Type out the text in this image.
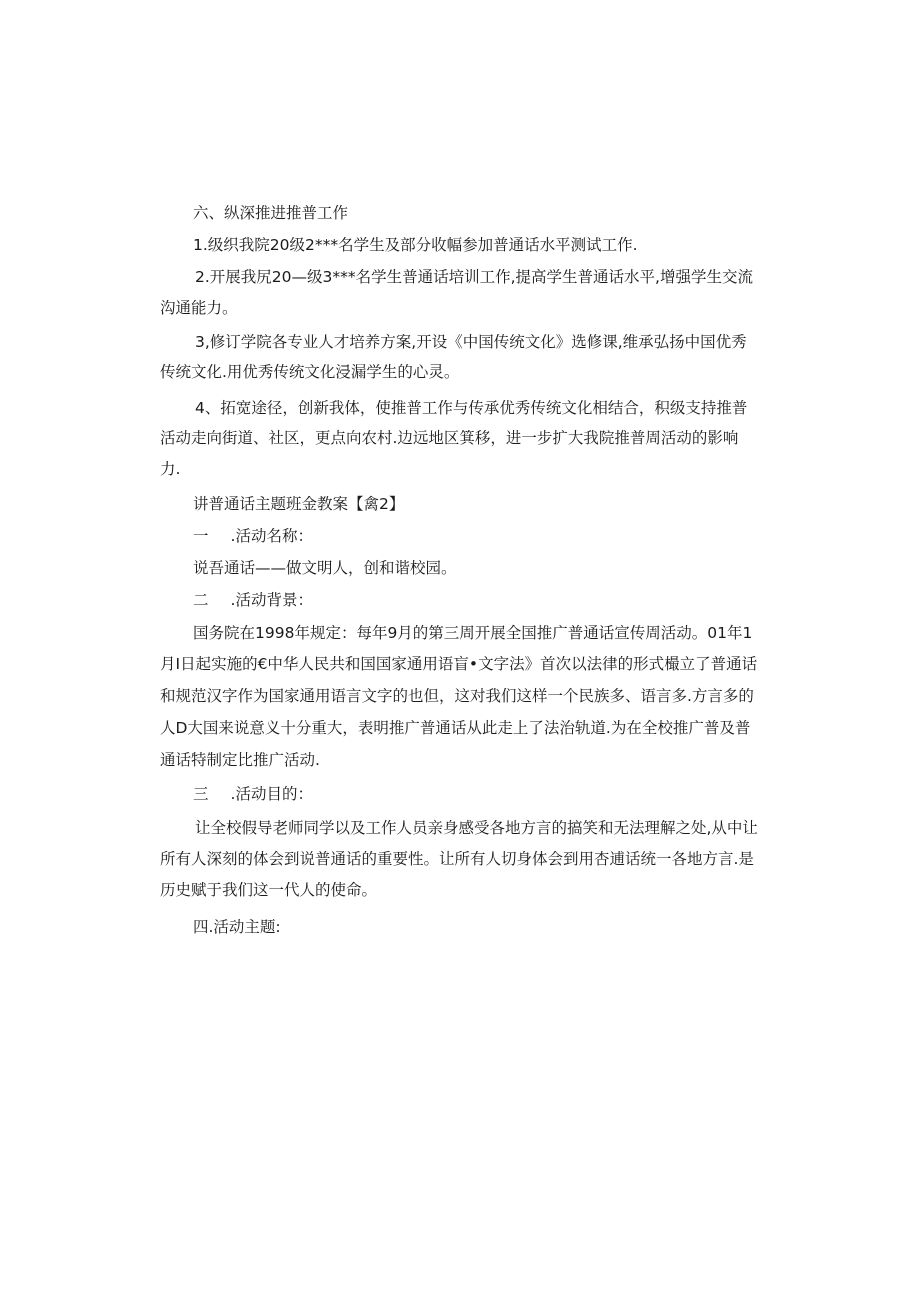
六、纵深推进推普工作
1.级织我院20级2***名学生及部分收幅参加普通话水平测试工作.
2.开展我尻20—级3***名学生普通话培训工作,提高学生普通话水平,增强学生交流
沟通能力。
3,修订学院各专业人才培养方案,开设《中国传统文化》选修课,维承弘扬中国优秀
传统文化.用优秀传统文化浸漏学生的心灵。
4、拓宽途径，创新我体，使推普工作与传承优秀传统文化相结合，积级支持推普
活动走向街道、社区，更点向农村.边远地区箕移，进一步扩大我院推普周活动的影响
力.
讲普通话主题班金教案【禽2】
一 .活动名称：
说吾通话——做文明人，创和谐校园。
二 .活动背景：
国务院在1998年规定：每年9月的第三周开展全国推广普通话宣传周活动。01年1
月I日起实施的€中华人民共和国国家通用语盲•文字法》首次以法律的形式樶立了普通话
和规范汉字作为国家通用语言文字的也但，这对我们这样一个民族多、语言多.方言多的
人D大国来说意义十分重大，表明推广普通话从此走上了法治轨道.为在全校推广普及普
通话特制定比推广活动.
三 .活动目的：
让全校假导老师同学以及工作人员亲身感受各地方言的搞笑和无法理解之处,从中让
所有人深刻的体会到说普通话的重要性。让所有人切身体会到用杏逋话统一各地方言.是
历史赋于我们这一代人的使命。
四.活动主题:
